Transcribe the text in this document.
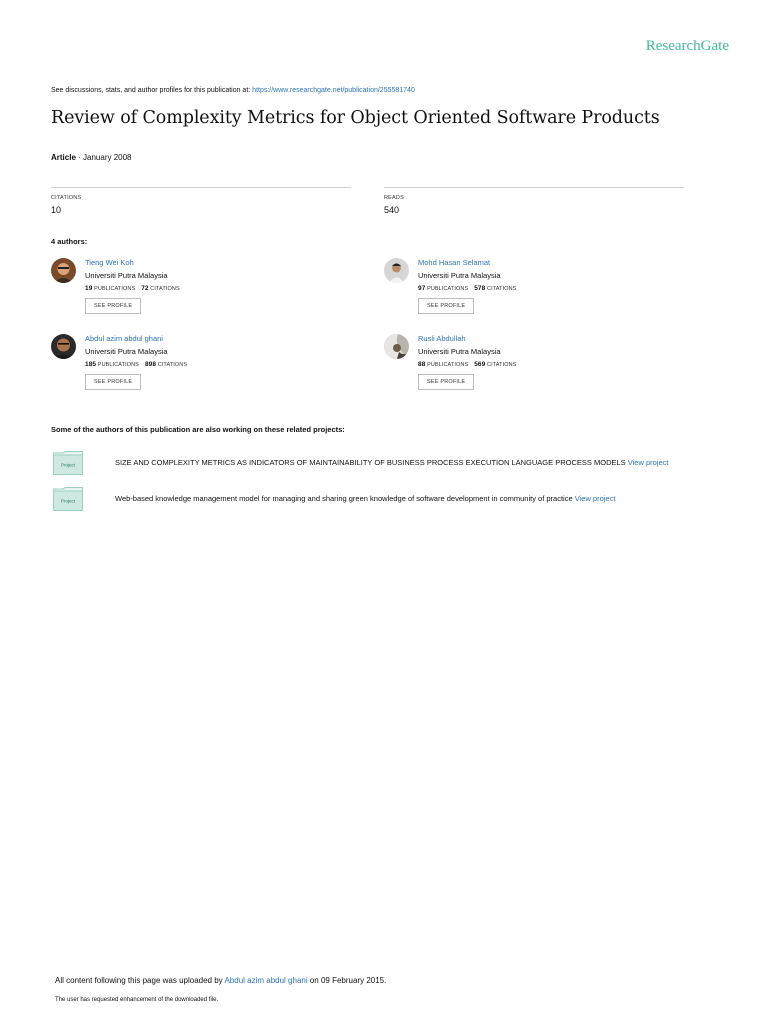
ResearchGate
See discussions, stats, and author profiles for this publication at: https://www.researchgate.net/publication/255581740
Review of Complexity Metrics for Object Oriented Software Products
Article · January 2008
CITATIONS
10
READS
540
4 authors:
Tieng Wei Koh
Universiti Putra Malaysia
19 PUBLICATIONS 72 CITATIONS
SEE PROFILE
Mohd Hasan Selamat
Universiti Putra Malaysia
97 PUBLICATIONS 578 CITATIONS
SEE PROFILE
Abdul azim abdul ghani
Universiti Putra Malaysia
185 PUBLICATIONS 898 CITATIONS
SEE PROFILE
Rusli Abdullah
Universiti Putra Malaysia
88 PUBLICATIONS 569 CITATIONS
SEE PROFILE
Some of the authors of this publication are also working on these related projects:
Project	SIZE AND COMPLEXITY METRICS AS INDICATORS OF MAINTAINABILITY OF BUSINESS PROCESS EXECUTION LANGUAGE PROCESS MODELS View project
Project	Web-based knowledge management model for managing and sharing green knowledge of software development in community of practice View project
All content following this page was uploaded by Abdul azim abdul ghani on 09 February 2015.
The user has requested enhancement of the downloaded file.
